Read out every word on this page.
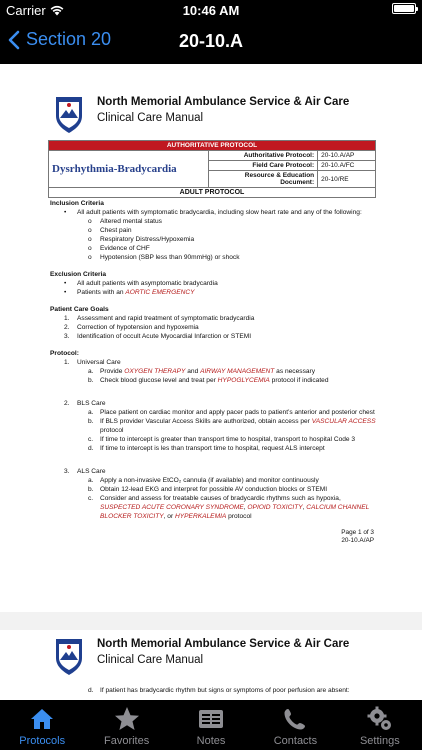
Carrier	10:46 AM
Section 20	20-10.A
North Memorial Ambulance Service & Air Care
Clinical Care Manual
AUTHORITATIVE PROTOCOL		
Dysrhythmia-Bradycardia	Authoritative Protocol:	20-10.A/AP
	Field Care Protocol:	20-10.A/FC
	Resource & Education Document:	20-10/RE
ADULT PROTOCOL		
Inclusion Criteria
•	All adult patients with symptomatic bradycardia, including slow heart rate and any of the following:
o	Altered mental status
o	Chest pain
o	Respiratory Distress/Hypoxemia
o	Evidence of CHF
o	Hypotension (SBP less than 90mmHg) or shock
Exclusion Criteria
•	All adult patients with asymptomatic bradycardia
•	Patients with an AORTIC EMERGENCY
Patient Care Goals
1.	Assessment and rapid treatment of symptomatic bradycardia
2.	Correction of hypotension and hypoxemia
3.	Identification of occult Acute Myocardial Infarction or STEMI
Protocol:
1.	Universal Care
a. Provide OXYGEN THERAPY and AIRWAY MANAGEMENT as necessary
b. Check blood glucose level and treat per HYPOGLYCEMIA protocol if indicated
2.	BLS Care
a. Place patient on cardiac monitor and apply pacer pads to patient’s anterior and posterior chest
b. If BLS provider Vascular Access Skills are authorized, obtain access per VASCULAR ACCESS protocol
c.	If time to intercept is greater than transport time to hospital, transport to hospital Code 3
d. If time to intercept is les than transport time to hospital, request ALS intercept
3.	ALS Care
a. Apply a non-invasive EtCO₂ cannula (if available) and monitor continuously
b. Obtain 12-lead EKG and interpret for possible AV conduction blocks or STEMI
c.	Consider and assess for treatable causes of bradycardic rhythms such as hypoxia, SUSPECTED ACUTE CORONARY SYNDROME, OPIOID TOXICITY, CALCIUM CHANNEL BLOCKER TOXICITY, or HYPERKALEMIA protocol
Page 1 of 3
20-10.A/AP
North Memorial Ambulance Service & Air Care
Clinical Care Manual
d. If patient has bradycardic rhythm but signs or symptoms of poor perfusion are absent:
Protocols	Favorites	Notes	Contacts	Settings
